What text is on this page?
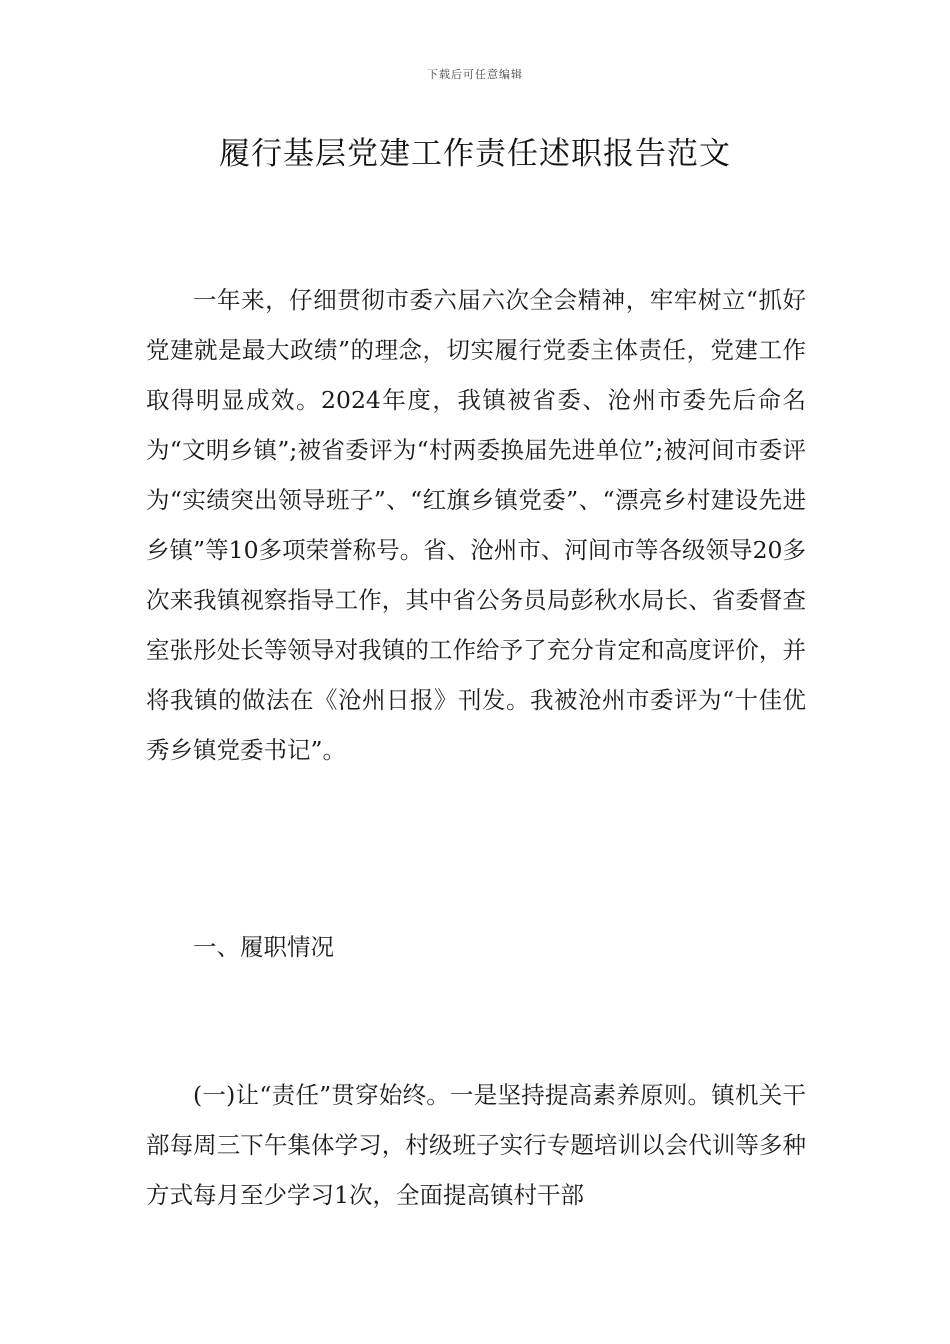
下载后可任意编辑
履行基层党建工作责任述职报告范文

一年来，仔细贯彻市委六届六次全会精神，牢牢树立“抓好党建就是最大政绩”的理念，切实履行党委主体责任，党建工作取得明显成效。2024年度，我镇被省委、沧州市委先后命名为“文明乡镇”;被省委评为“村两委换届先进单位”;被河间市委评为“实绩突出领导班子”、“红旗乡镇党委”、“漂亮乡村建设先进乡镇”等10多项荣誉称号。省、沧州市、河间市等各级领导20多次来我镇视察指导工作，其中省公务员局彭秋水局长、省委督查室张彤处长等领导对我镇的工作给予了充分肯定和高度评价，并将我镇的做法在《沧州日报》刊发。我被沧州市委评为“十佳优秀乡镇党委书记”。

一、履职情况

(一)让“责任”贯穿始终。一是坚持提高素养原则。镇机关干部每周三下午集体学习，村级班子实行专题培训以会代训等多种方式每月至少学习1次，全面提高镇村干部
